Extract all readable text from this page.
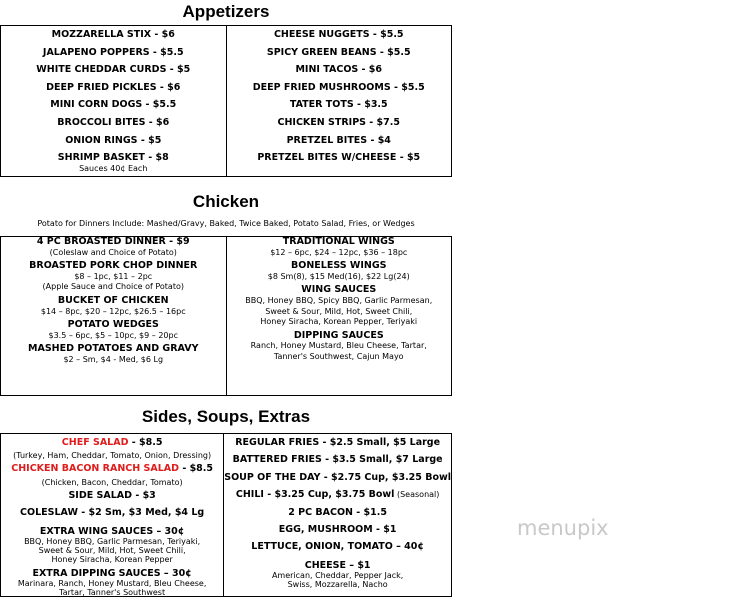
Appetizers
MOZZARELLA STIX - $6
JALAPENO POPPERS - $5.5
WHITE CHEDDAR CURDS - $5
DEEP FRIED PICKLES - $6
MINI CORN DOGS - $5.5
BROCCOLI BITES - $6
ONION RINGS - $5
SHRIMP BASKET - $8
Sauces 40¢ Each
CHEESE NUGGETS - $5.5
SPICY GREEN BEANS - $5.5
MINI TACOS - $6
DEEP FRIED MUSHROOMS - $5.5
TATER TOTS - $3.5
CHICKEN STRIPS - $7.5
PRETZEL BITES - $4
PRETZEL BITES W/CHEESE - $5
Chicken
Potato for Dinners Include: Mashed/Gravy, Baked, Twice Baked, Potato Salad, Fries, or Wedges
4 PC BROASTED DINNER - $9
(Coleslaw and Choice of Potato)
BROASTED PORK CHOP DINNER
$8 – 1pc, $11 – 2pc
(Apple Sauce and Choice of Potato)
BUCKET OF CHICKEN
$14 – 8pc, $20 – 12pc, $26.5 – 16pc
POTATO WEDGES
$3.5 – 6pc, $5 – 10pc, $9 – 20pc
MASHED POTATOES AND GRAVY
$2 – Sm, $4 - Med, $6 Lg
TRADITIONAL WINGS
$12 – 6pc, $24 – 12pc, $36 – 18pc
BONELESS WINGS
$8 Sm(8), $15 Med(16), $22 Lg(24)
WING SAUCES
BBQ, Honey BBQ, Spicy BBQ, Garlic Parmesan,
Sweet & Sour, Mild, Hot, Sweet Chili,
Honey Siracha, Korean Pepper, Teriyaki
DIPPING SAUCES
Ranch, Honey Mustard, Bleu Cheese, Tartar,
Tanner's Southwest, Cajun Mayo
Sides, Soups, Extras
CHEF SALAD - $8.5
(Turkey, Ham, Cheddar, Tomato, Onion, Dressing)
CHICKEN BACON RANCH SALAD - $8.5
(Chicken, Bacon, Cheddar, Tomato)
SIDE SALAD - $3
COLESLAW - $2 Sm, $3 Med, $4 Lg
EXTRA WING SAUCES – 30¢
BBQ, Honey BBQ, Garlic Parmesan, Teriyaki,
Sweet & Sour, Mild, Hot, Sweet Chili,
Honey Siracha, Korean Pepper
EXTRA DIPPING SAUCES – 30¢
Marinara, Ranch, Honey Mustard, Bleu Cheese,
Tartar, Tanner's Southwest
REGULAR FRIES - $2.5 Small, $5 Large
BATTERED FRIES - $3.5 Small, $7 Large
SOUP OF THE DAY - $2.75 Cup, $3.25 Bowl
CHILI - $3.25 Cup, $3.75 Bowl (Seasonal)
2 PC BACON - $1.5
EGG, MUSHROOM - $1
LETTUCE, ONION, TOMATO – 40¢
CHEESE – $1
American, Cheddar, Pepper Jack,
Swiss, Mozzarella, Nacho
menupix
